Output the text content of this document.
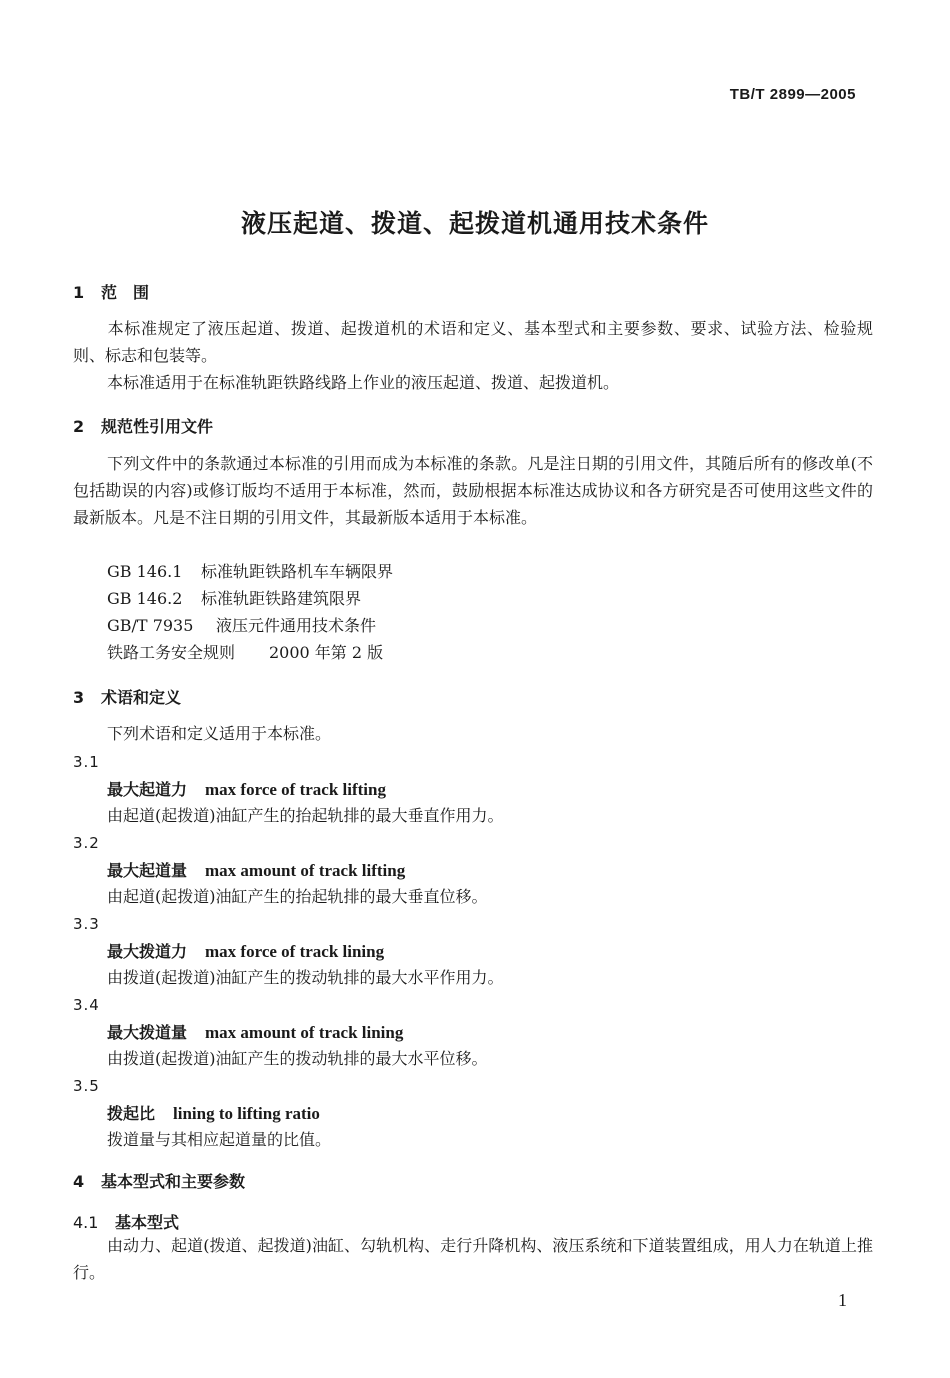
TB/T 2899—2005
液压起道、拨道、起拨道机通用技术条件
1 范　围
本标准规定了液压起道、拨道、起拨道机的术语和定义、基本型式和主要参数、要求、试验方法、检验规则、标志和包装等。
本标准适用于在标准轨距铁路线路上作业的液压起道、拨道、起拨道机。
2 规范性引用文件
下列文件中的条款通过本标准的引用而成为本标准的条款。凡是注日期的引用文件，其随后所有的修改单(不包括勘误的内容)或修订版均不适用于本标准，然而，鼓励根据本标准达成协议和各方研究是否可使用这些文件的最新版本。凡是不注日期的引用文件，其最新版本适用于本标准。
GB 146.1 标准轨距铁路机车车辆限界
GB 146.2 标准轨距铁路建筑限界
GB/T 7935 液压元件通用技术条件
铁路工务安全规则 2000 年第 2 版
3 术语和定义
下列术语和定义适用于本标准。
3.1
最大起道力 max force of track lifting
由起道(起拨道)油缸产生的抬起轨排的最大垂直作用力。
3.2
最大起道量 max amount of track lifting
由起道(起拨道)油缸产生的抬起轨排的最大垂直位移。
3.3
最大拨道力 max force of track lining
由拨道(起拨道)油缸产生的拨动轨排的最大水平作用力。
3.4
最大拨道量 max amount of track lining
由拨道(起拨道)油缸产生的拨动轨排的最大水平位移。
3.5
拨起比 lining to lifting ratio
拨道量与其相应起道量的比值。
4 基本型式和主要参数
4.1 基本型式
由动力、起道(拨道、起拨道)油缸、勾轨机构、走行升降机构、液压系统和下道装置组成，用人力在轨道上推行。
1
